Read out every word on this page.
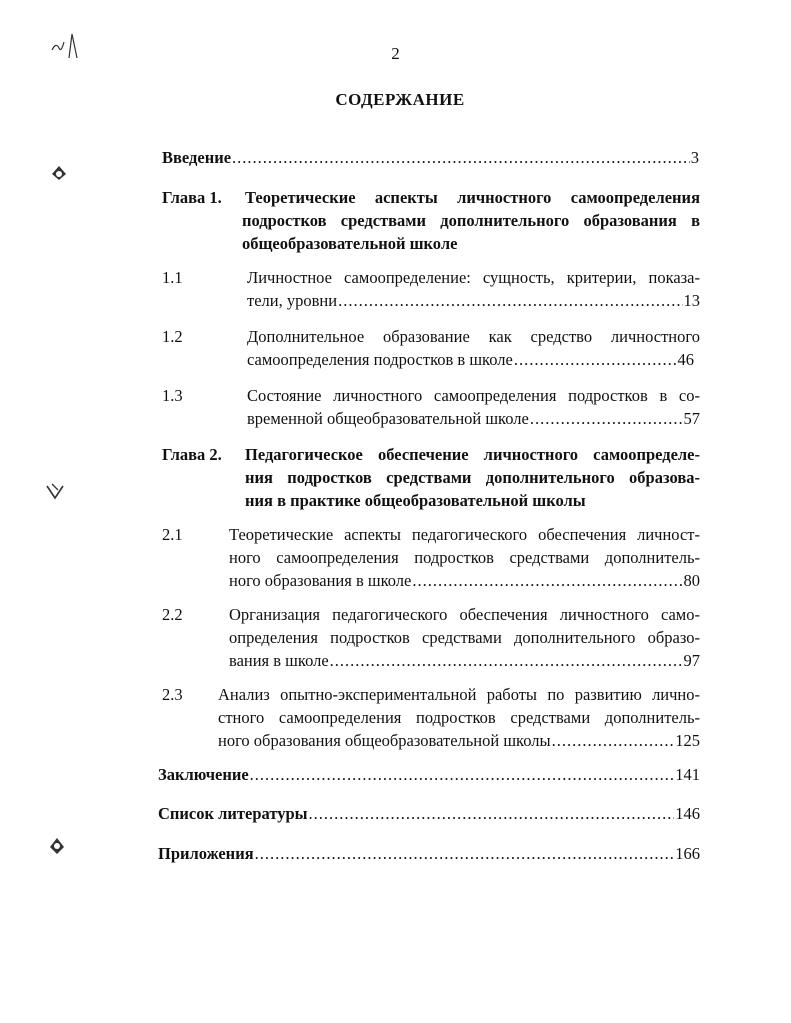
2
СОДЕРЖАНИЕ
Введение .....	3
Глава 1. Теоретические аспекты личностного самоопределения
подростков средствами дополнительного образования в
общеобразовательной школе
1.1	Личностное самоопределение: сущность, критерии, показа-
тели, уровни .....	13
1.2	Дополнительное образование как средство личностного
самоопределения подростков в школе .....	46
1.3	Состояние личностного самоопределения подростков в со-
временной общеобразовательной школе .....	57
Глава 2. Педагогическое обеспечение личностного самоопределе-
ния подростков средствами дополнительного образова-
ния в практике общеобразовательной школы
2.1	Теоретические аспекты педагогического обеспечения личност-
ного самоопределения подростков средствами дополнитель-
ного образования в школе .....	80
2.2	Организация педагогического обеспечения личностного само-
определения подростков средствами дополнительного образо-
вания в школе .....	97
2.3 Анализ опытно-экспериментальной работы по развитию лично-
стного самоопределения подростков средствами дополнитель-
ного образования общеобразовательной школы .....	125
Заключение .....	141
Список литературы .....	146
Приложения .....	166
